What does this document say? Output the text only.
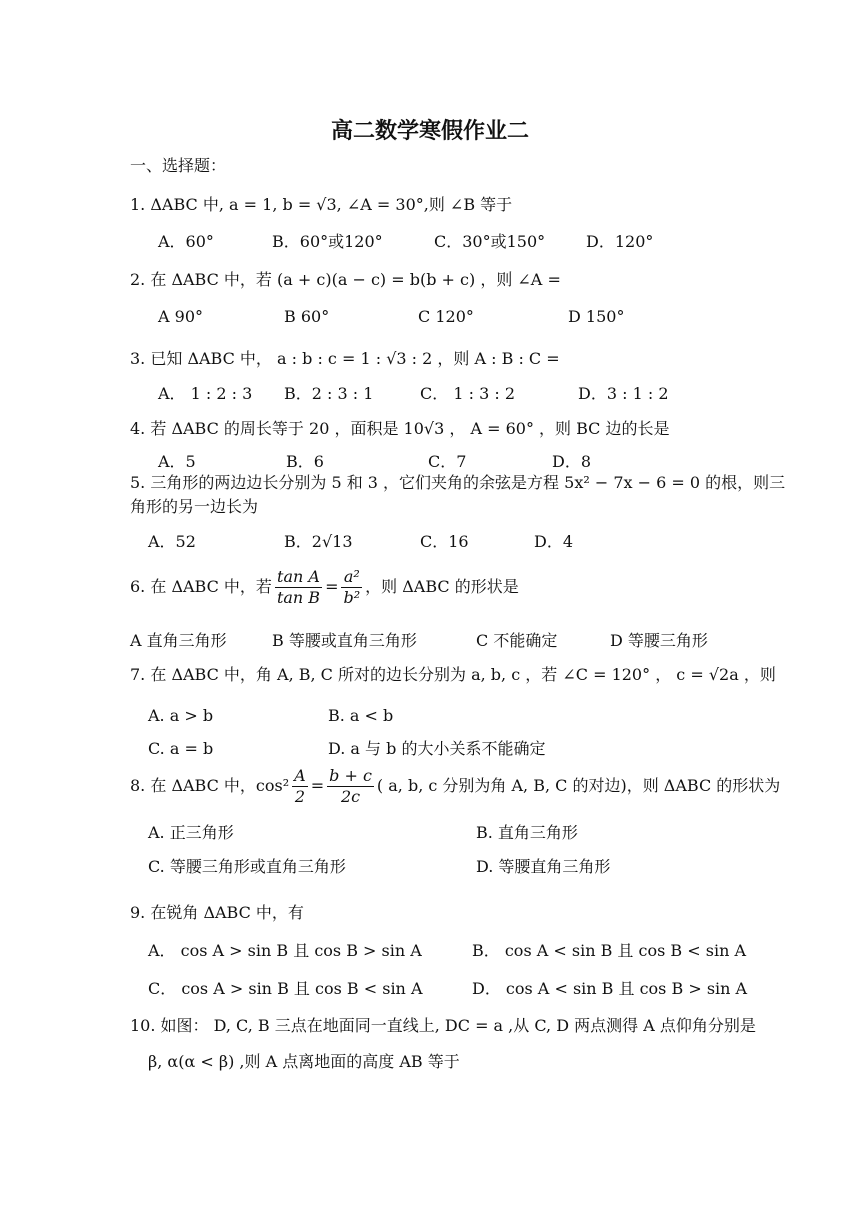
高二数学寒假作业二
一、选择题：
1. ΔABC 中, a = 1, b = √3, ∠A = 30°,则 ∠B 等于
A．60°	B．60°或120°	C．30°或150°	D．120°
2. 在 ΔABC 中，若 (a + c)(a − c) = b(b + c) ，则 ∠A =
A 90°	B 60°	C 120°	D 150°
3. 已知 ΔABC 中， a : b : c = 1 : √3 : 2 ，则 A : B : C =
A． 1 : 2 : 3 B．2 : 3 : 1	C． 1 : 3 : 2	D．3 : 1 : 2
4. 若 ΔABC 的周长等于 20 ，面积是 10√3 ， A = 60° ，则 BC 边的长是
A．5	B．6	C．7	D．8
5. 三角形的两边边长分别为 5 和 3 ，它们夹角的余弦是方程 5x² − 7x − 6 = 0 的根，则三
角形的另一边长为
A．52	B．2√13	C．16	D．4
6. 在 ΔABC 中，若 $\frac{\text{tan A}}{\text{tan B}} = \frac{\text{a²}}{\text{b²}}$ ，则 ΔABC 的形状是
A 直角三角形	B 等腰或直角三角形	C 不能确定	D 等腰三角形
7. 在 ΔABC 中，角 A, B, C 所对的边长分别为 a, b, c ，若 ∠C = 120° ， c = √2a ，则
A. a > b	B. a < b
C. a = b	D. a 与 b 的大小关系不能确定
8. 在 ΔABC 中，$\cos^2 \frac{A}{2} = \frac{b + c}{2c}$ ( a, b, c 分别为角 A, B, C 的对边)，则 ΔABC 的形状为
A. 正三角形	B. 直角三角形
C. 等腰三角形或直角三角形	D. 等腰直角三角形
9. 在锐角 ΔABC 中，有
A． cos A > sin B 且 cos B > sin A	B． cos A < sin B 且 cos B < sin A
C． cos A > sin B 且 cos B < sin A	D． cos A < sin B 且 cos B > sin A
10. 如图： D, C, B 三点在地面同一直线上, DC = a ,从 C, D 两点测得 A 点仰角分别是
β, α(α < β) ,则 A 点离地面的高度 AB 等于
